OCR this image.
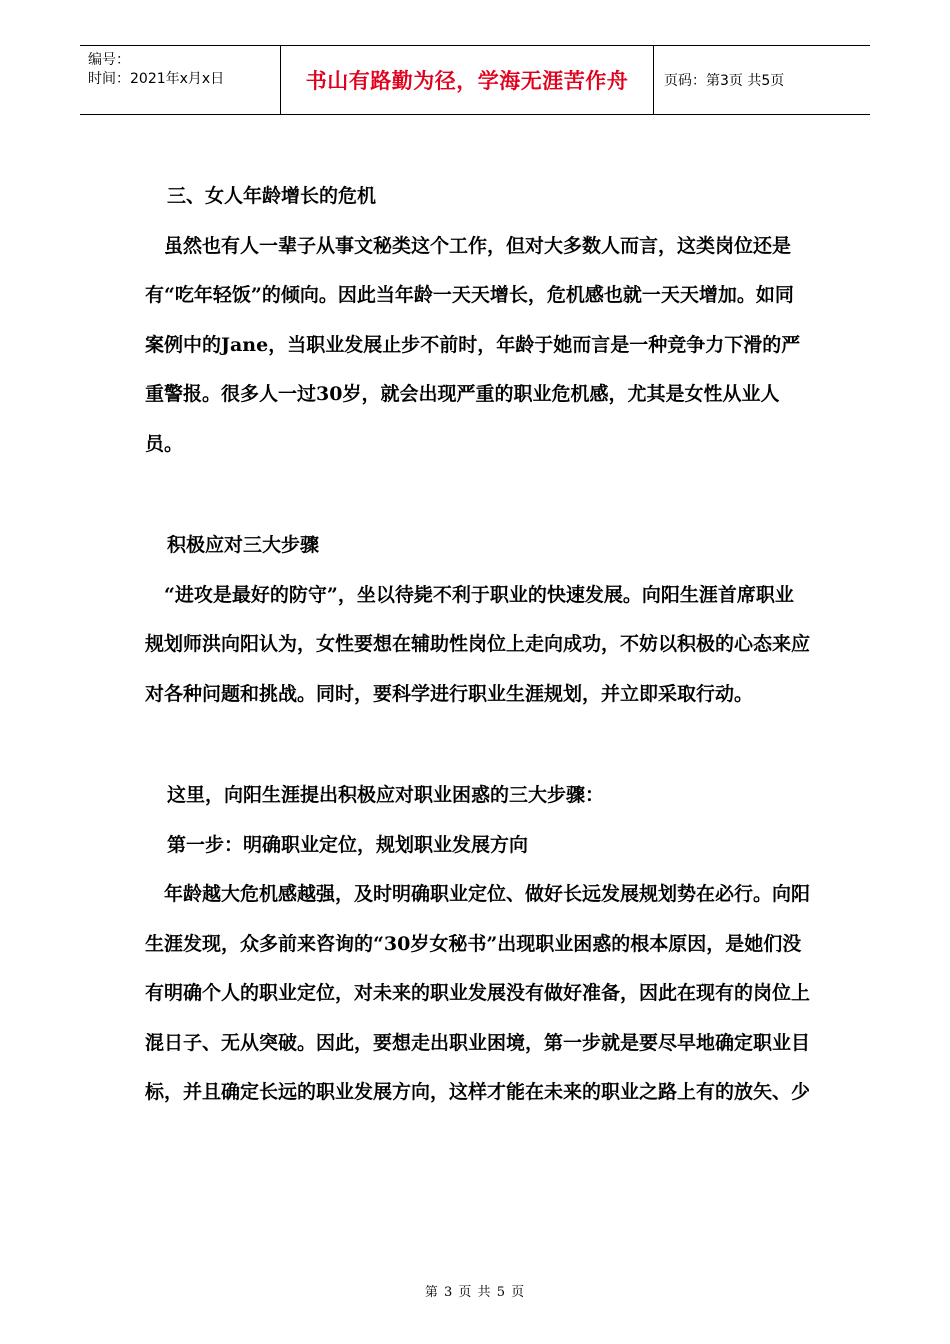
编号：
时间：2021年x月x日	书山有路勤为径，学海无涯苦作舟	页码：第3页 共5页

三、女人年龄增长的危机

虽然也有人一辈子从事文秘类这个工作，但对大多数人而言，这类岗位还是有“吃年轻饭”的倾向。因此当年龄一天天增长，危机感也就一天天增加。如同案例中的Jane，当职业发展止步不前时，年龄于她而言是一种竞争力下滑的严重警报。很多人一过30岁，就会出现严重的职业危机感，尤其是女性从业人员。

积极应对三大步骤

“进攻是最好的防守”，坐以待毙不利于职业的快速发展。向阳生涯首席职业规划师洪向阳认为，女性要想在辅助性岗位上走向成功，不妨以积极的心态来应对各种问题和挑战。同时，要科学进行职业生涯规划，并立即采取行动。

这里，向阳生涯提出积极应对职业困惑的三大步骤：

第一步：明确职业定位，规划职业发展方向

年龄越大危机感越强，及时明确职业定位、做好长远发展规划势在必行。向阳生涯发现，众多前来咨询的“30岁女秘书”出现职业困惑的根本原因，是她们没有明确个人的职业定位，对未来的职业发展没有做好准备，因此在现有的岗位上混日子、无从突破。因此，要想走出职业困境，第一步就是要尽早地确定职业目标，并且确定长远的职业发展方向，这样才能在未来的职业之路上有的放矢、少

第 3 页 共 5 页
